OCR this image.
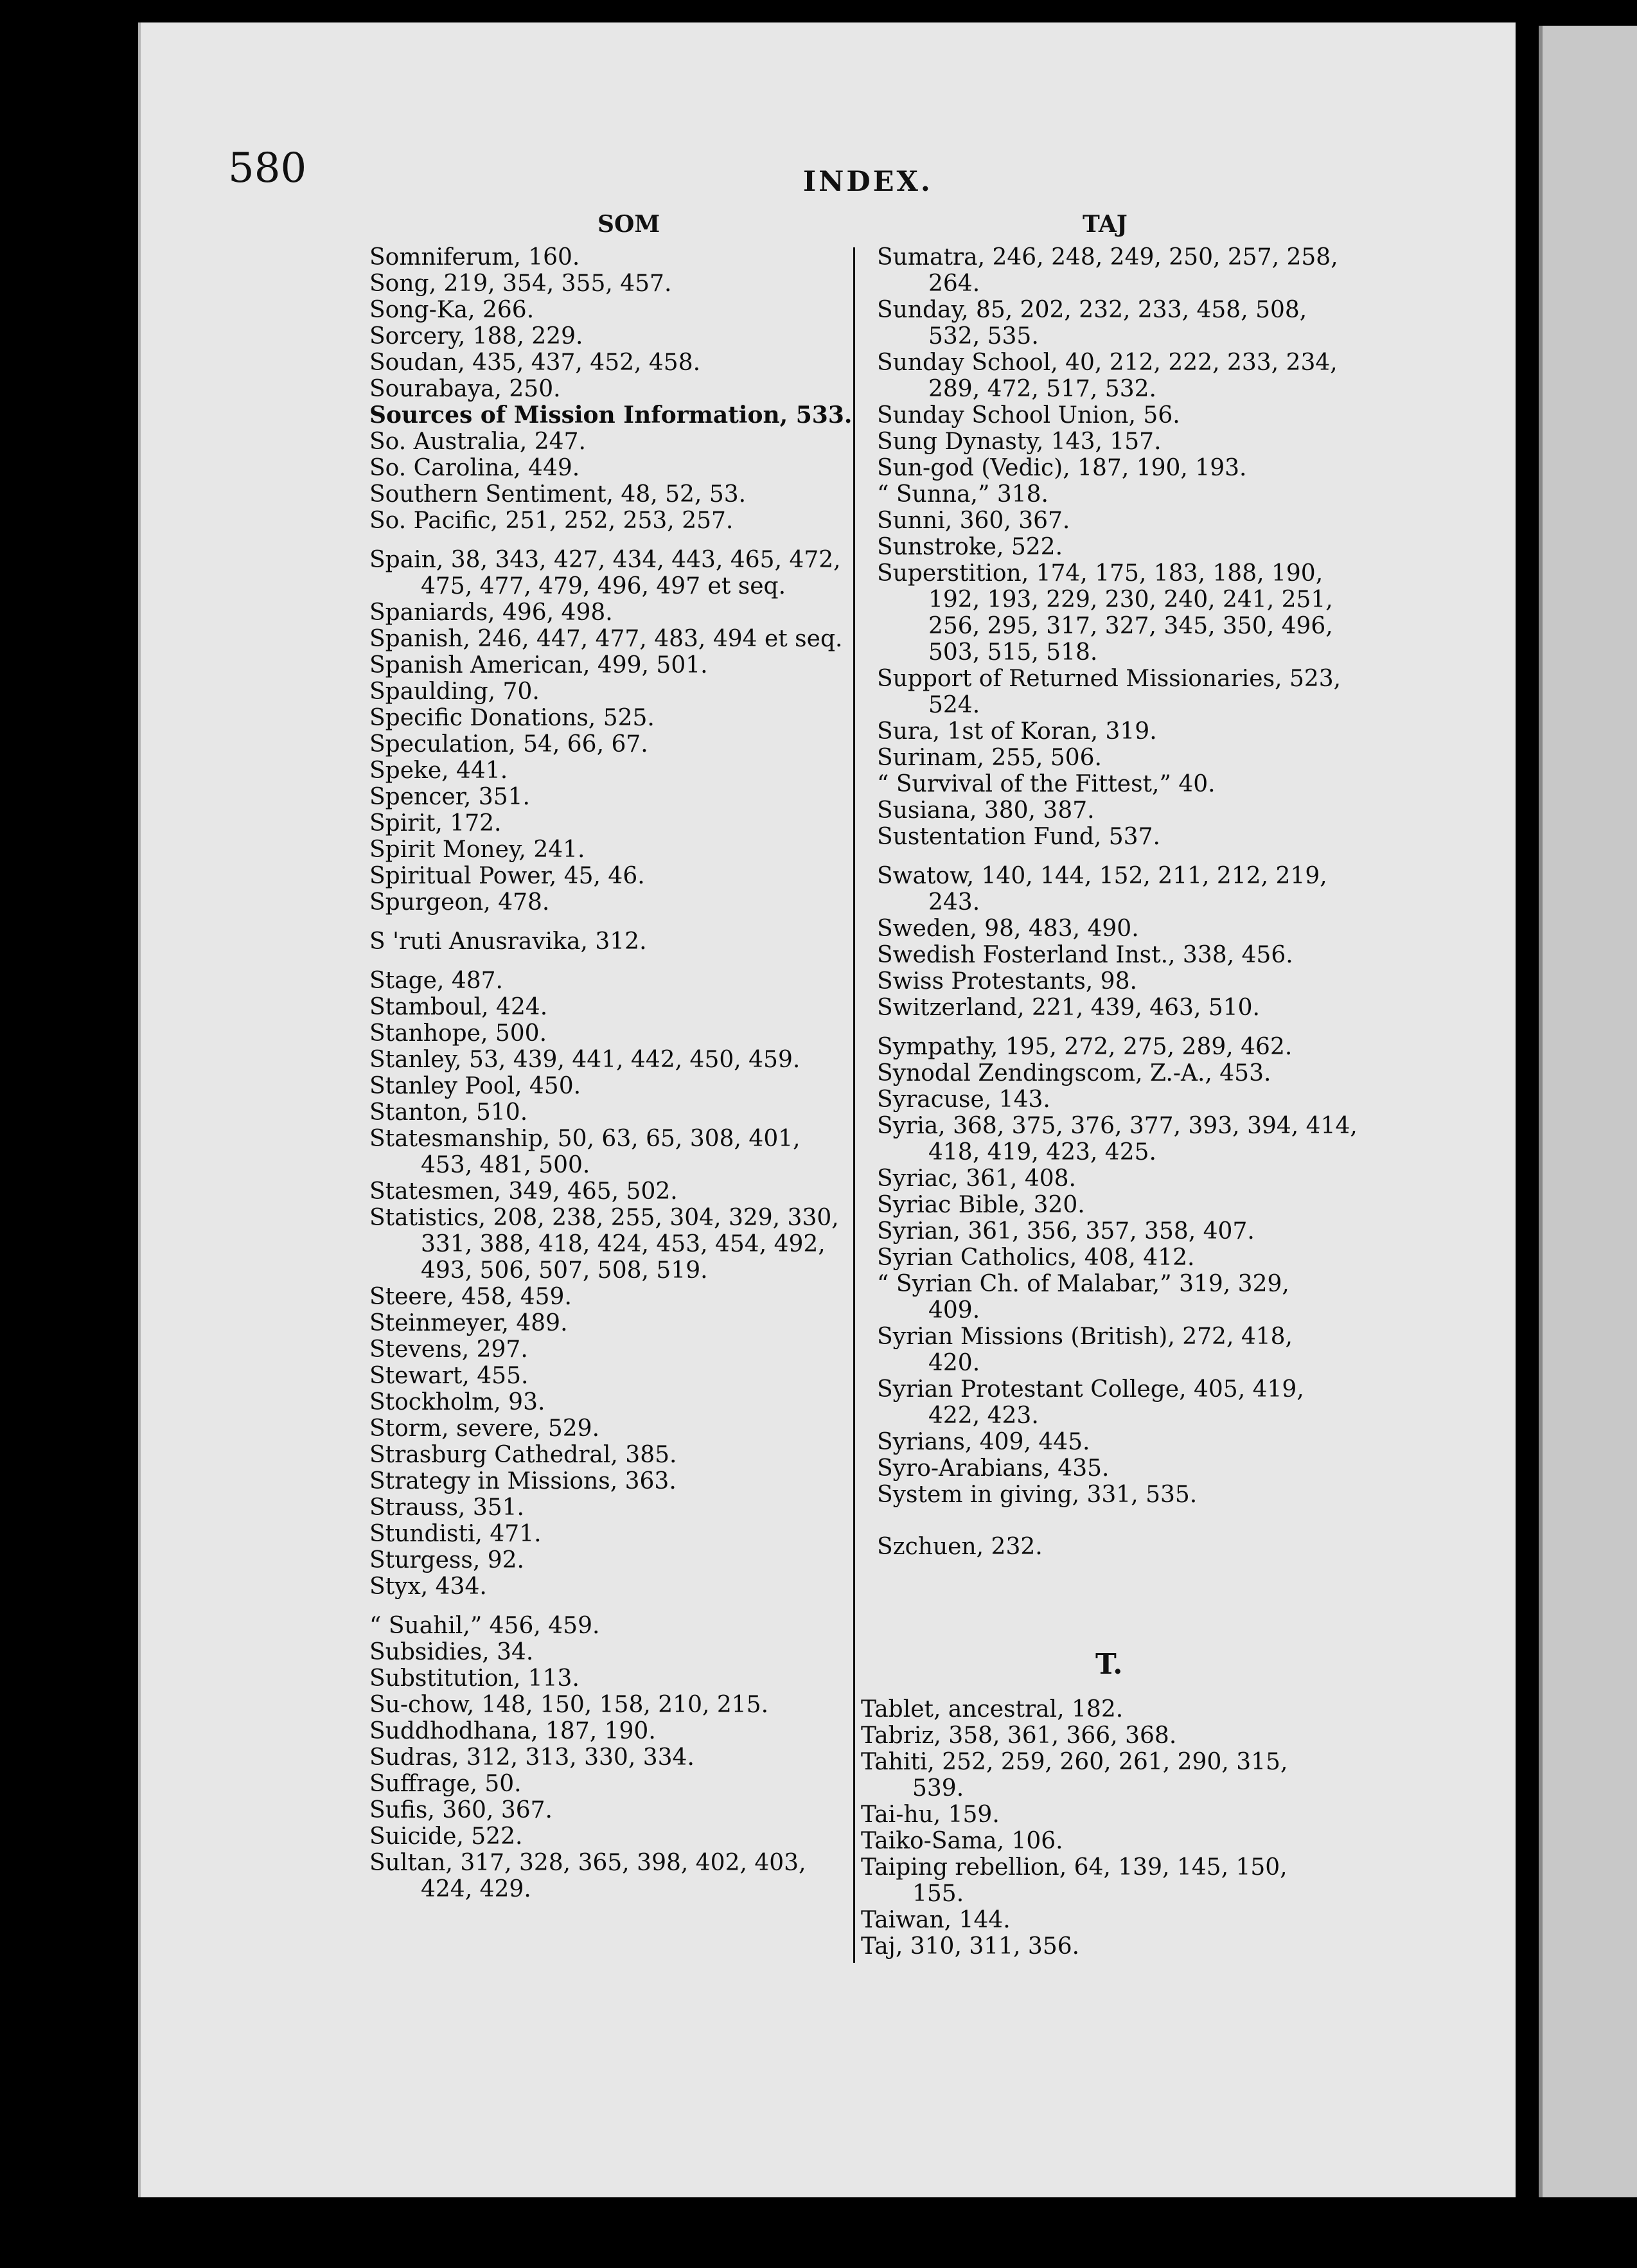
580	INDEX.
SOM	TAJ
Somniferum, 160.
Song, 219, 354, 355, 457.
Song-Ka, 266.
Sorcery, 188, 229.
Soudan, 435, 437, 452, 458.
Sourabaya, 250.
Sources of Mission Information, 533.
So. Australia, 247.
So. Carolina, 449.
Southern Sentiment, 48, 52, 53.
So. Pacific, 251, 252, 253, 257.
Spain, 38, 343, 427, 434, 443, 465, 472,
475, 477, 479, 496, 497 et seq.
Spaniards, 496, 498.
Spanish, 246, 447, 477, 483, 494 et seq.
Spanish American, 499, 501.
Spaulding, 70.
Specific Donations, 525.
Speculation, 54, 66, 67.
Speke, 441.
Spencer, 351.
Spirit, 172.
Spirit Money, 241.
Spiritual Power, 45, 46.
Spurgeon, 478.
S 'ruti Anusravika, 312.
Stage, 487.
Stamboul, 424.
Stanhope, 500.
Stanley, 53, 439, 441, 442, 450, 459.
Stanley Pool, 450.
Stanton, 510.
Statesmanship, 50, 63, 65, 308, 401,
453, 481, 500.
Statesmen, 349, 465, 502.
Statistics, 208, 238, 255, 304, 329, 330,
331, 388, 418, 424, 453, 454, 492,
493, 506, 507, 508, 519.
Steere, 458, 459.
Steinmeyer, 489.
Stevens, 297.
Stewart, 455.
Stockholm, 93.
Storm, severe, 529.
Strasburg Cathedral, 385.
Strategy in Missions, 363.
Strauss, 351.
Stundisti, 471.
Sturgess, 92.
Styx, 434.
“ Suahil,” 456, 459.
Subsidies, 34.
Substitution, 113.
Su-chow, 148, 150, 158, 210, 215.
Suddhodhana, 187, 190.
Sudras, 312, 313, 330, 334.
Suffrage, 50.
Sufis, 360, 367.
Suicide, 522.
Sultan, 317, 328, 365, 398, 402, 403,
424, 429.
Sumatra, 246, 248, 249, 250, 257, 258,
264.
Sunday, 85, 202, 232, 233, 458, 508,
532, 535.
Sunday School, 40, 212, 222, 233, 234,
289, 472, 517, 532.
Sunday School Union, 56.
Sung Dynasty, 143, 157.
Sun-god (Vedic), 187, 190, 193.
“ Sunna,” 318.
Sunni, 360, 367.
Sunstroke, 522.
Superstition, 174, 175, 183, 188, 190,
192, 193, 229, 230, 240, 241, 251,
256, 295, 317, 327, 345, 350, 496,
503, 515, 518.
Support of Returned Missionaries, 523,
524.
Sura, 1st of Koran, 319.
Surinam, 255, 506.
“ Survival of the Fittest,” 40.
Susiana, 380, 387.
Sustentation Fund, 537.
Swatow, 140, 144, 152, 211, 212, 219,
243.
Sweden, 98, 483, 490.
Swedish Fosterland Inst., 338, 456.
Swiss Protestants, 98.
Switzerland, 221, 439, 463, 510.
Sympathy, 195, 272, 275, 289, 462.
Synodal Zendingscom, Z.-A., 453.
Syracuse, 143.
Syria, 368, 375, 376, 377, 393, 394, 414,
418, 419, 423, 425.
Syriac, 361, 408.
Syriac Bible, 320.
Syrian, 361, 356, 357, 358, 407.
Syrian Catholics, 408, 412.
“ Syrian Ch. of Malabar,” 319, 329,
409.
Syrian Missions (British), 272, 418,
420.
Syrian Protestant College, 405, 419,
422, 423.
Syrians, 409, 445.
Syro-Arabians, 435.
System in giving, 331, 535.
Szchuen, 232.
T.
Tablet, ancestral, 182.
Tabriz, 358, 361, 366, 368.
Tahiti, 252, 259, 260, 261, 290, 315,
539.
Tai-hu, 159.
Taiko-Sama, 106.
Taiping rebellion, 64, 139, 145, 150,
155.
Taiwan, 144.
Taj, 310, 311, 356.
